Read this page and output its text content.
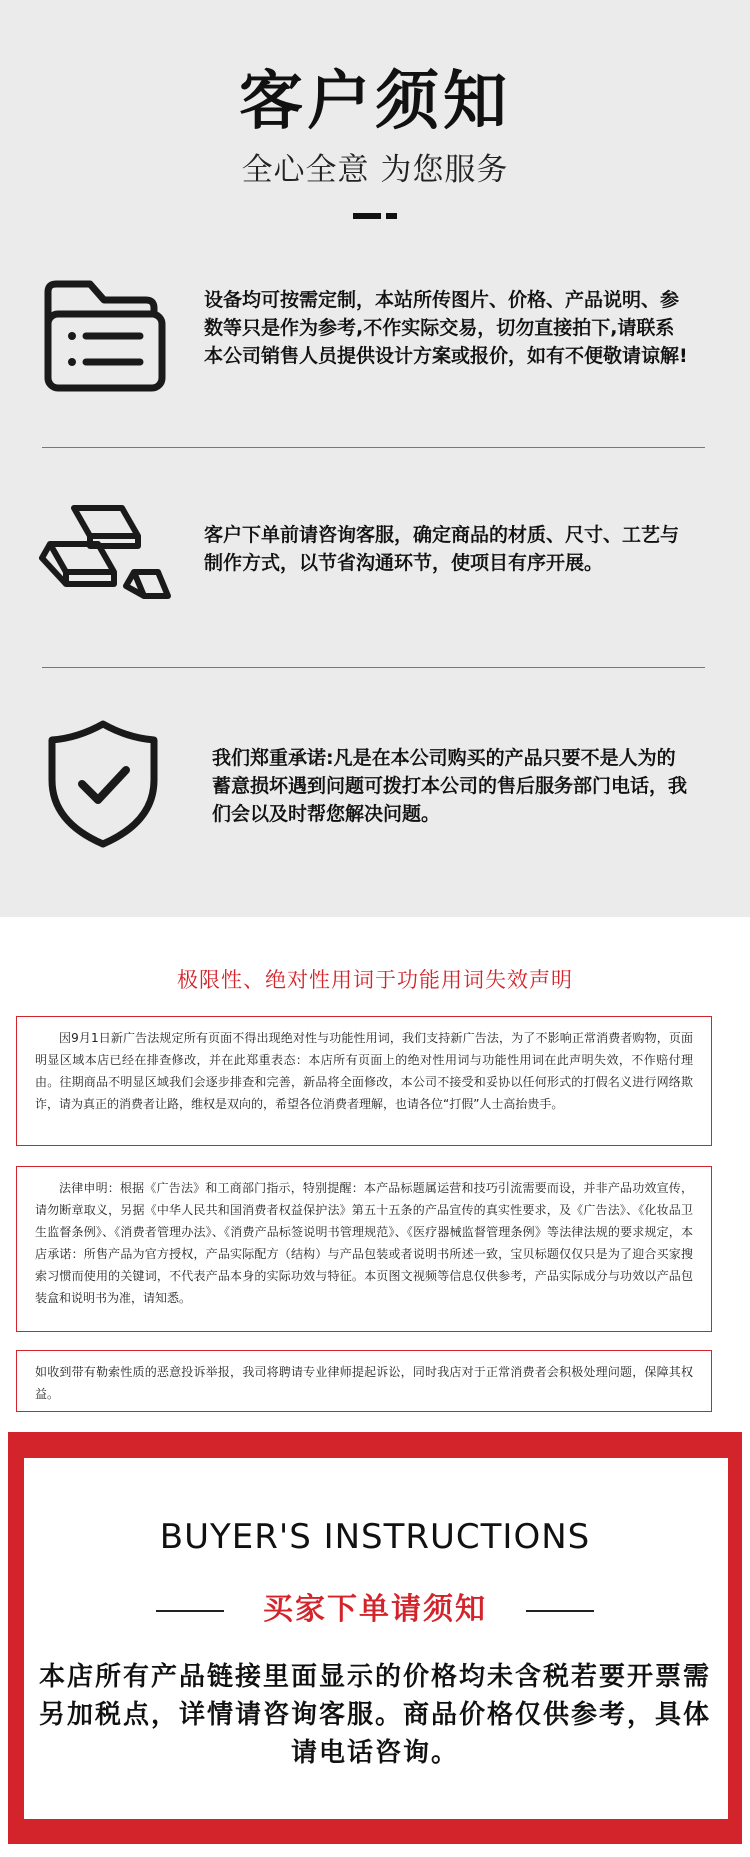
客户须知
全心全意 为您服务
设备均可按需定制，本站所传图片、价格、产品说明、参数等只是作为参考,不作实际交易，切勿直接拍下,请联系本公司销售人员提供设计方案或报价，如有不便敬请谅解!
客户下单前请咨询客服，确定商品的材质、尺寸、工艺与制作方式，以节省沟通环节，使项目有序开展。
我们郑重承诺:凡是在本公司购买的产品只要不是人为的蓄意损坏遇到问题可拨打本公司的售后服务部门电话，我们会以及时帮您解决问题。
极限性、绝对性用词于功能用词失效声明

因9月1日新广告法规定所有页面不得出现绝对性与功能性用词，我们支持新广告法，为了不影响正常消费者购物，页面明显区域本店已经在排查修改，并在此郑重表态：本店所有页面上的绝对性用词与功能性用词在此声明失效，不作赔付理由。往期商品不明显区域我们会逐步排查和完善，新品将全面修改，本公司不接受和妥协以任何形式的打假名义进行网络欺诈，请为真正的消费者让路，维权是双向的，希望各位消费者理解，也请各位“打假”人士高抬贵手。

法律申明：根据《广告法》和工商部门指示，特别提醒：本产品标题属运营和技巧引流需要而设，并非产品功效宣传，请勿断章取义，另据《中华人民共和国消费者权益保护法》第五十五条的产品宣传的真实性要求，及《广告法》、《化妆品卫生监督条例》、《消费者管理办法》、《消费产品标签说明书管理规范》、《医疗器械监督管理条例》等法律法规的要求规定，本店承诺：所售产品为官方授权，产品实际配方（结构）与产品包装或者说明书所述一致，宝贝标题仅仅只是为了迎合买家搜索习惯而使用的关键词，不代表产品本身的实际功效与特征。本页图文视频等信息仅供参考，产品实际成分与功效以产品包装盒和说明书为准，请知悉。

如收到带有勒索性质的恶意投诉举报，我司将聘请专业律师提起诉讼，同时我店对于正常消费者会积极处理问题，保障其权益。

BUYER'S INSTRUCTIONS
买家下单请须知
本店所有产品链接里面显示的价格均未含税若要开票需另加税点，详情请咨询客服。商品价格仅供参考，具体请电话咨询。
